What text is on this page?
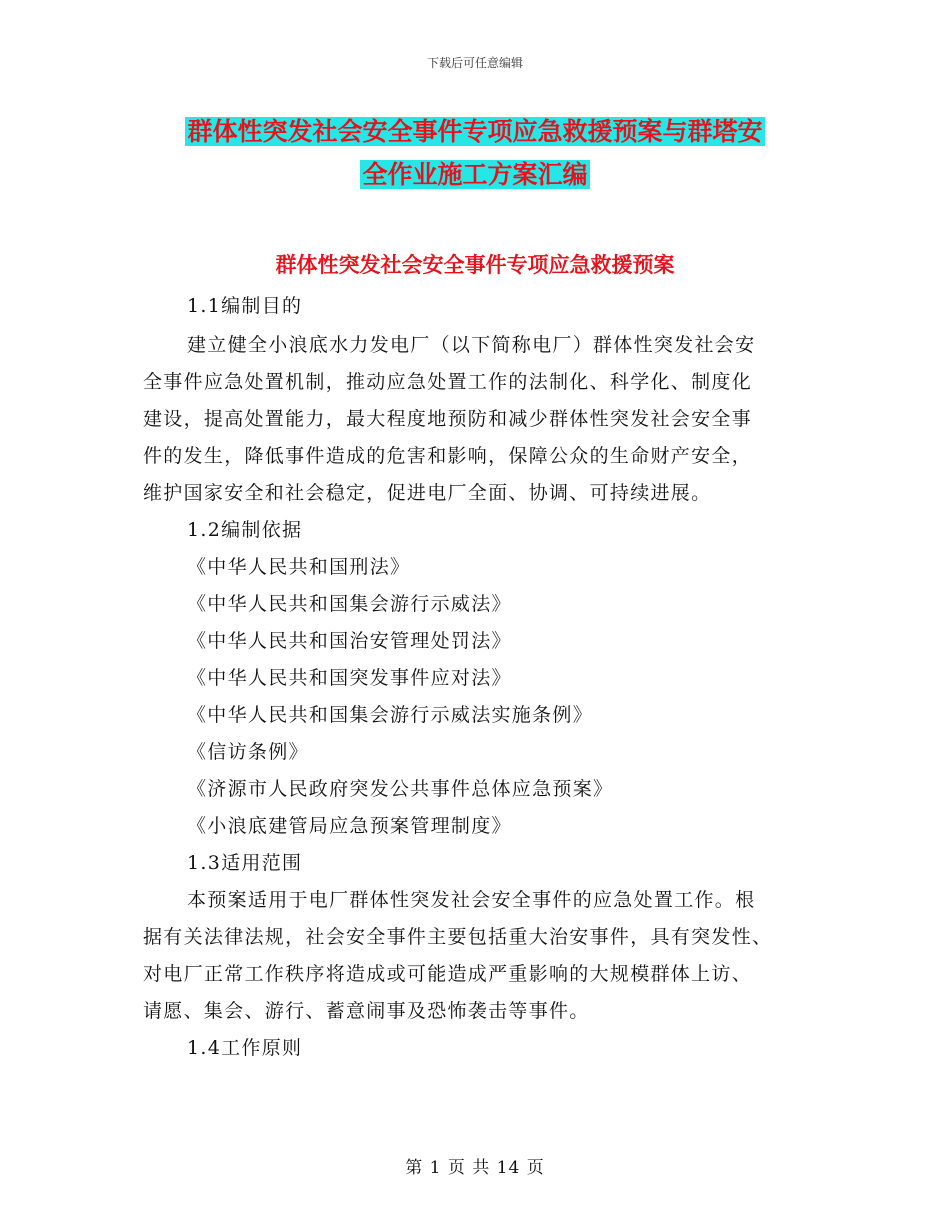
下载后可任意编辑
群体性突发社会安全事件专项应急救援预案与群塔安
全作业施工方案汇编
群体性突发社会安全事件专项应急救援预案
1.1编制目的
建立健全小浪底水力发电厂（以下简称电厂）群体性突发社会安
全事件应急处置机制，推动应急处置工作的法制化、科学化、制度化
建设，提高处置能力，最大程度地预防和减少群体性突发社会安全事
件的发生，降低事件造成的危害和影响，保障公众的生命财产安全，
维护国家安全和社会稳定，促进电厂全面、协调、可持续进展。
1.2编制依据
《中华人民共和国刑法》
《中华人民共和国集会游行示威法》
《中华人民共和国治安管理处罚法》
《中华人民共和国突发事件应对法》
《中华人民共和国集会游行示威法实施条例》
《信访条例》
《济源市人民政府突发公共事件总体应急预案》
《小浪底建管局应急预案管理制度》
1.3适用范围
本预案适用于电厂群体性突发社会安全事件的应急处置工作。根
据有关法律法规，社会安全事件主要包括重大治安事件，具有突发性、
对电厂正常工作秩序将造成或可能造成严重影响的大规模群体上访、
请愿、集会、游行、蓄意闹事及恐怖袭击等事件。
1.4工作原则
第 1 页 共 14 页
